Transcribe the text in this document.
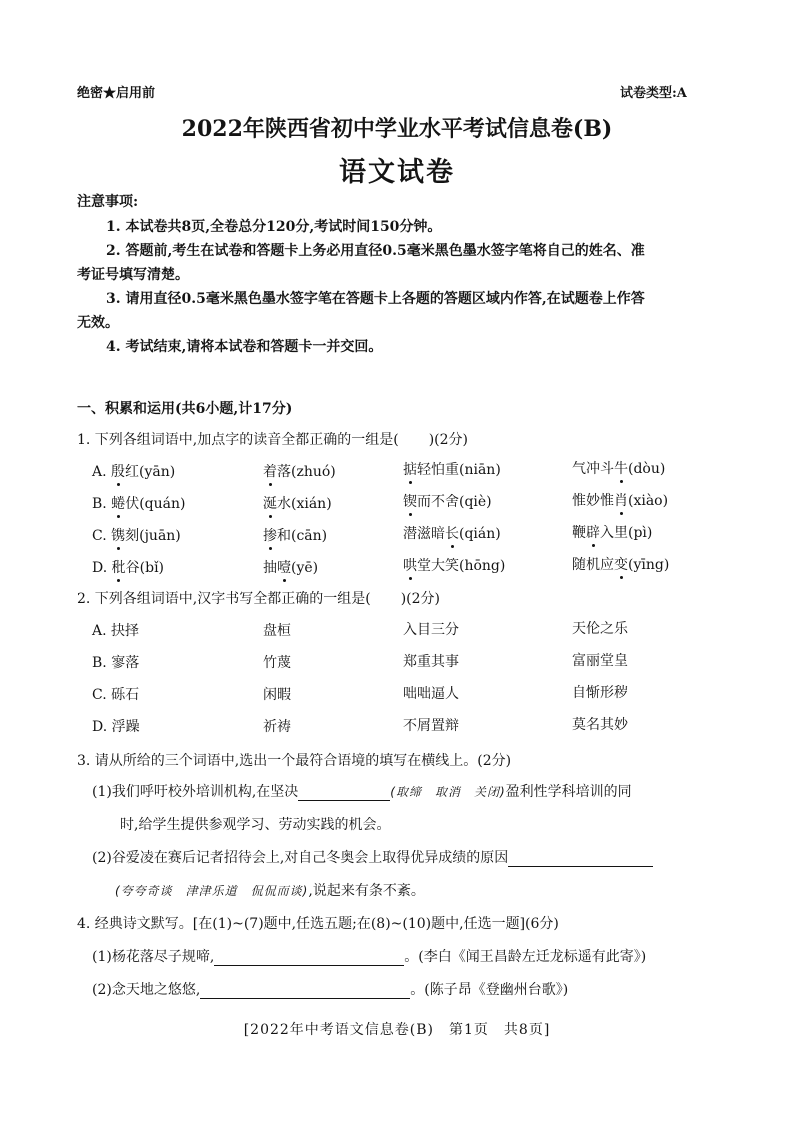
绝密★启用前	试卷类型:A
2022年陕西省初中学业水平考试信息卷(B)
语文试卷
注意事项:
1. 本试卷共8页,全卷总分120分,考试时间150分钟。
2. 答题前,考生在试卷和答题卡上务必用直径0.5毫米黑色墨水签字笔将自己的姓名、准
考证号填写清楚。
3. 请用直径0.5毫米黑色墨水签字笔在答题卡上各题的答题区域内作答,在试题卷上作答
无效。
4. 考试结束,请将本试卷和答题卡一并交回。
一、积累和运用(共6小题,计17分)
1. 下列各组词语中,加点字的读音全都正确的一组是( )(2分)
A. 殷红(yān)	着落(zhuó)	掂轻怕重(niān)	气冲斗牛(dòu)
B. 蜷伏(quán)	涎水(xián)	锲而不舍(qiè)	惟妙惟肖(xiào)
C. 镌刻(juān)	掺和(cān)	潜滋暗长(qián)	鞭辟入里(pì)
D. 秕谷(bǐ)	抽噎(yē)	哄堂大笑(hōng)	随机应变(yīng)
2. 下列各组词语中,汉字书写全都正确的一组是( )(2分)
A. 抉择	盘桓	入目三分	天伦之乐
B. 寥落	竹蔑	郑重其事	富丽堂皇
C. 砾石	闲暇	咄咄逼人	自惭形秽
D. 浮躁	祈祷	不屑置辩	莫名其妙
3. 请从所给的三个词语中,选出一个最符合语境的填写在横线上。(2分)
(1)我们呼吁校外培训机构,在坚决	(取缔　取消　关闭)盈利性学科培训的同
时,给学生提供参观学习、劳动实践的机会。
(2)谷爱凌在赛后记者招待会上,对自己冬奥会上取得优异成绩的原因
(夸夸奇谈　津津乐道　侃侃而谈),说起来有条不紊。
4. 经典诗文默写。[在(1)~(7)题中,任选五题;在(8)~(10)题中,任选一题](6分)
(1)杨花落尽子规啼,	。(李白《闻王昌龄左迁龙标遥有此寄》)
(2)念天地之悠悠,	。(陈子昂《登幽州台歌》)
[2022年中考语文信息卷(B)　第1页　共8页]
